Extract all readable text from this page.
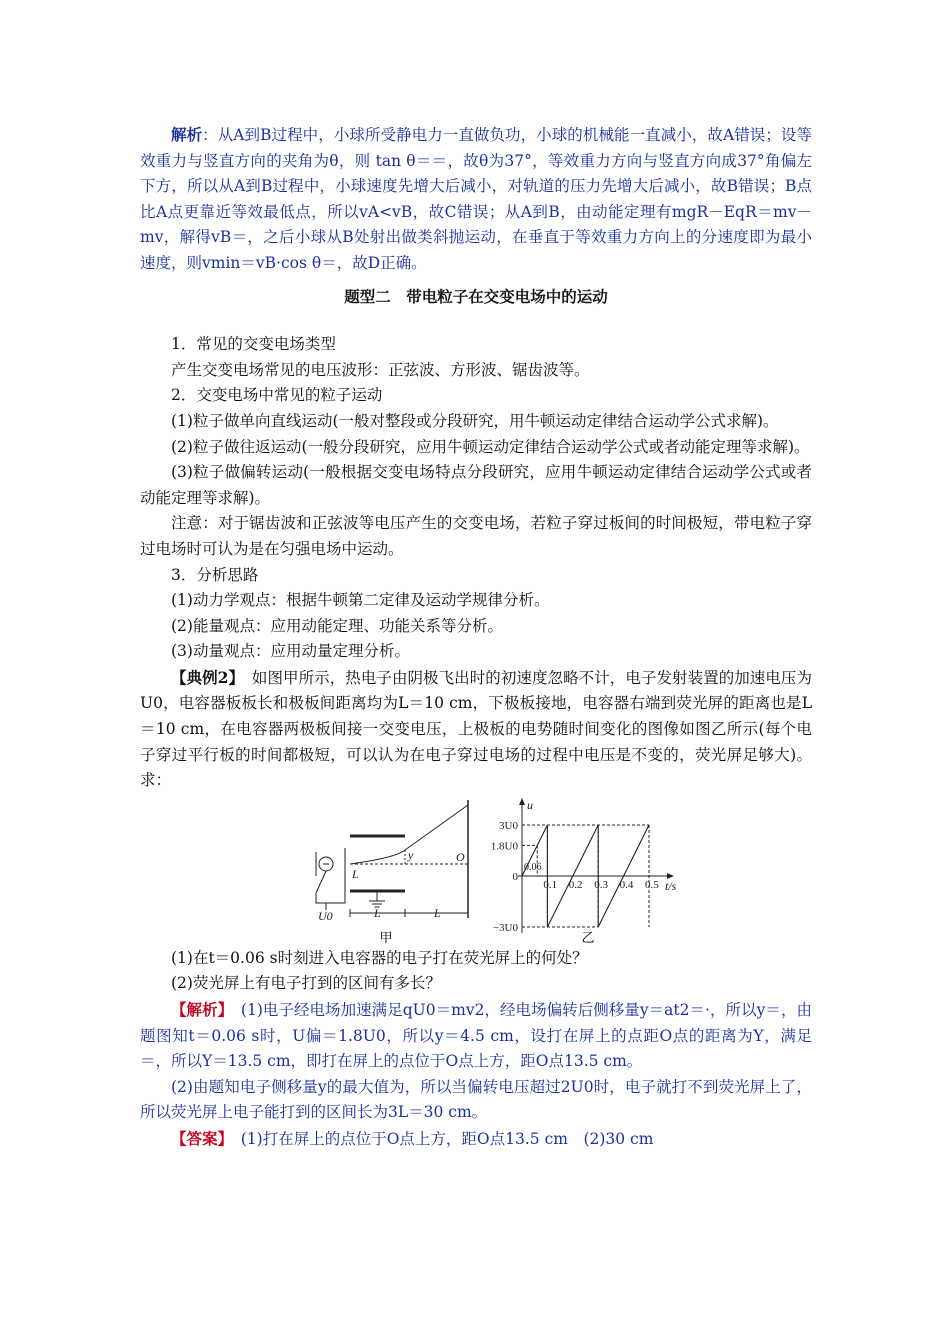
解析：从A到B过程中，小球所受静电力一直做负功，小球的机械能一直减小，故A错误；设等效重力与竖直方向的夹角为θ，则 tan θ＝＝，故θ为37°，等效重力方向与竖直方向成37°角偏左下方，所以从A到B过程中，小球速度先增大后减小，对轨道的压力先增大后减小，故B错误；B点比A点更靠近等效最低点，所以vA<vB，故C错误；从A到B，由动能定理有mgR－EqR＝mv－mv，解得vB＝，之后小球从B处射出做类斜抛运动，在垂直于等效重力方向上的分速度即为最小速度，则vmin＝vB·cos θ＝，故D正确。

题型二　带电粒子在交变电场中的运动

1．常见的交变电场类型

产生交变电场常见的电压波形：正弦波、方形波、锯齿波等。

2．交变电场中常见的粒子运动

(1)粒子做单向直线运动(一般对整段或分段研究，用牛顿运动定律结合运动学公式求解)。

(2)粒子做往返运动(一般分段研究，应用牛顿运动定律结合运动学公式或者动能定理等求解)。

(3)粒子做偏转运动(一般根据交变电场特点分段研究，应用牛顿运动定律结合运动学公式或者动能定理等求解)。

注意：对于锯齿波和正弦波等电压产生的交变电场，若粒子穿过板间的时间极短，带电粒子穿过电场时可认为是在匀强电场中运动。

3．分析思路

(1)动力学观点：根据牛顿第二定律及运动学规律分析。

(2)能量观点：应用动能定理、功能关系等分析。

(3)动量观点：应用动量定理分析。

【典例2】　如图甲所示，热电子由阴极飞出时的初速度忽略不计，电子发射装置的加速电压为U0，电容器板板长和极板间距离均为L＝10 cm，下极板接地，电容器右端到荧光屏的距离也是L＝10 cm，在电容器两极板间接一交变电压，上极板的电势随时间变化的图像如图乙所示(每个电子穿过平行板的时间都极短，可以认为在电子穿过电场的过程中电压是不变的，荧光屏足够大)。求：

y	O
L
L	L
U0
甲
0.1 0.2 0.3 0.4 0.5
3U0
1.8U0
0
−3U0
0.06
u
t/s
乙

(1)在t＝0.06 s时刻进入电容器的电子打在荧光屏上的何处？

(2)荧光屏上有电子打到的区间有多长？

【解析】　(1)电子经电场加速满足qU0＝mv2，经电场偏转后侧移量y＝at2＝·，所以y＝，由题图知t＝0.06 s时，U偏＝1.8U0，所以y＝4.5 cm，设打在屏上的点距O点的距离为Y，满足＝，所以Y＝13.5 cm，即打在屏上的点位于O点上方，距O点13.5 cm。

(2)由题知电子侧移量y的最大值为，所以当偏转电压超过2U0时，电子就打不到荧光屏上了，所以荧光屏上电子能打到的区间长为3L＝30 cm。

【答案】　(1)打在屏上的点位于O点上方，距O点13.5 cm　(2)30 cm
